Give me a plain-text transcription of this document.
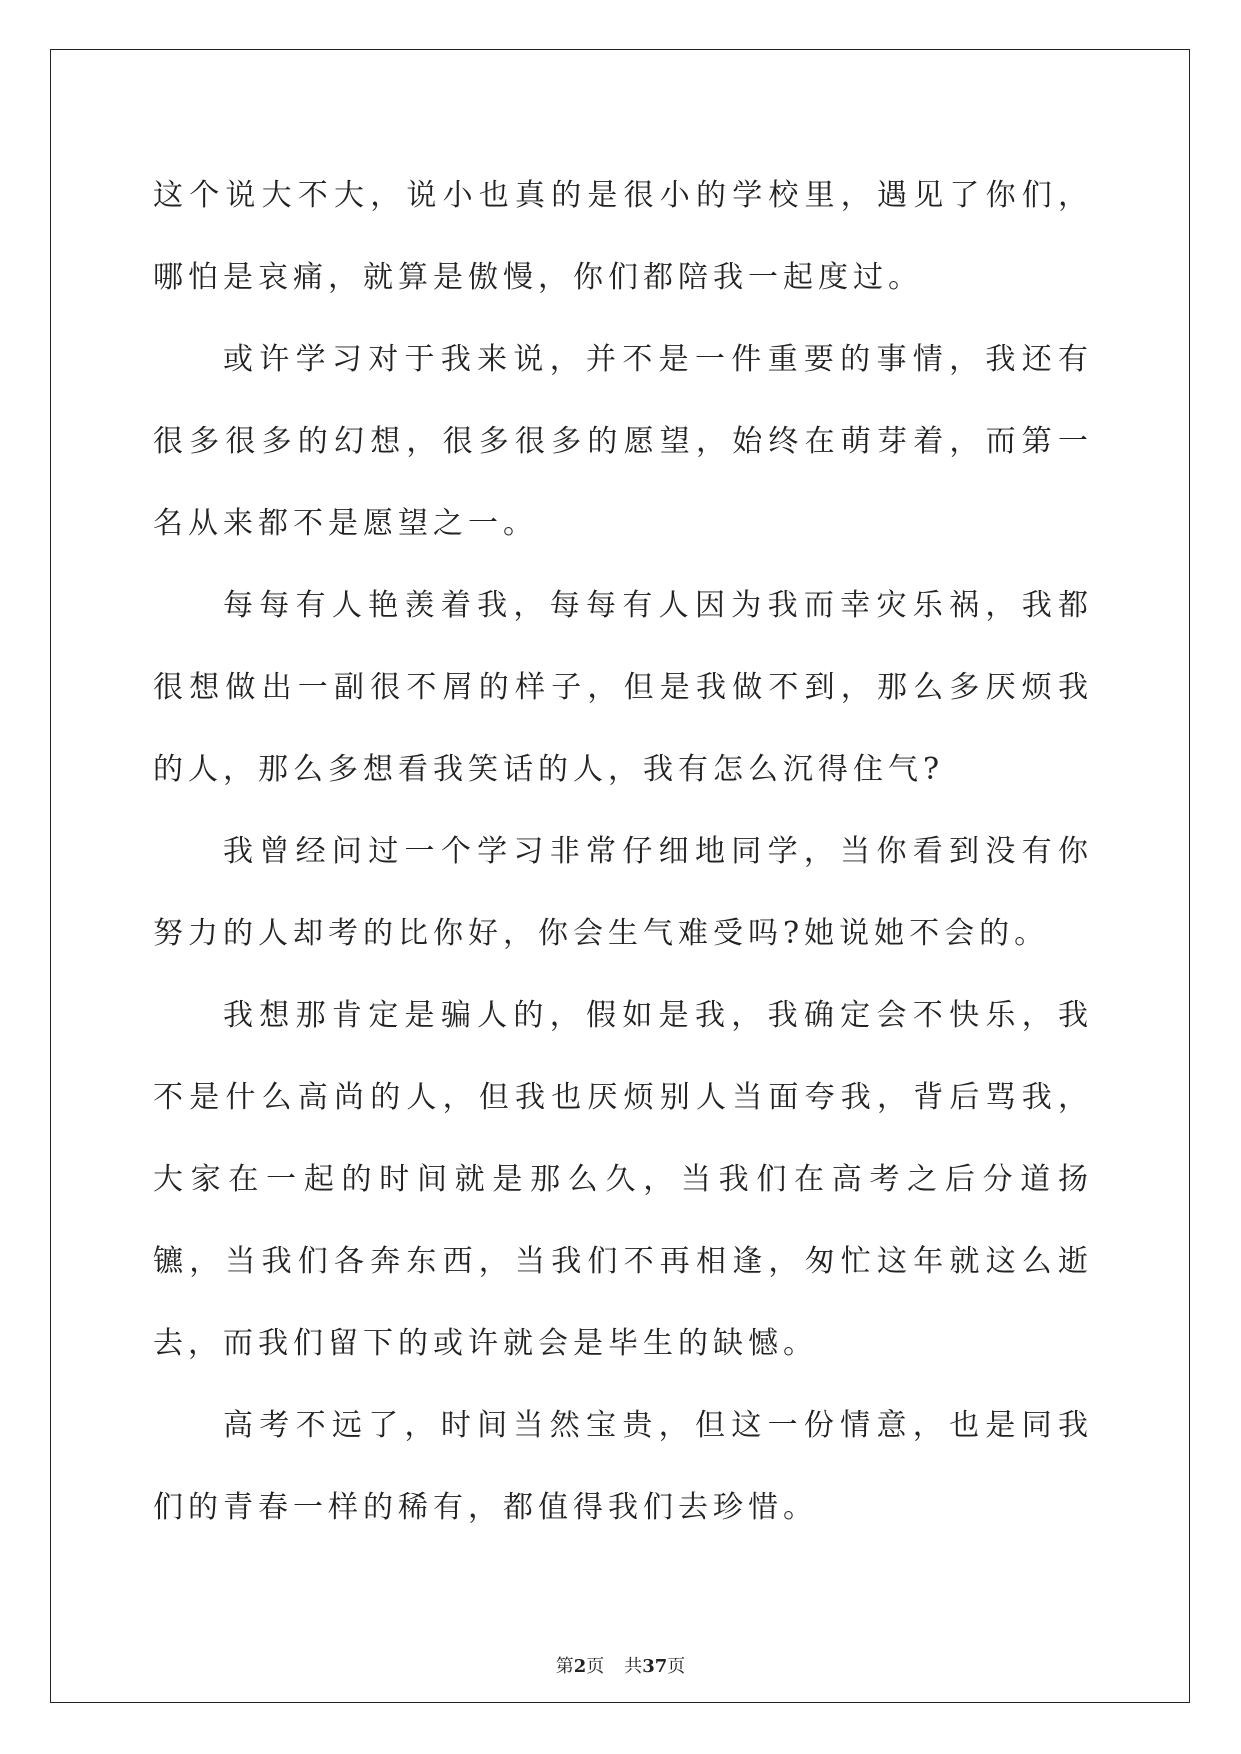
这个说大不大，说小也真的是很小的学校里，遇见了你们，哪怕是哀痛，就算是傲慢，你们都陪我一起度过。

或许学习对于我来说，并不是一件重要的事情，我还有很多很多的幻想，很多很多的愿望，始终在萌芽着，而第一名从来都不是愿望之一。

每每有人艳羡着我，每每有人因为我而幸灾乐祸，我都很想做出一副很不屑的样子，但是我做不到，那么多厌烦我的人，那么多想看我笑话的人，我有怎么沉得住气?

我曾经问过一个学习非常仔细地同学，当你看到没有你努力的人却考的比你好，你会生气难受吗?她说她不会的。

我想那肯定是骗人的，假如是我，我确定会不快乐，我不是什么高尚的人，但我也厌烦别人当面夸我，背后骂我，大家在一起的时间就是那么久，当我们在高考之后分道扬镳，当我们各奔东西，当我们不再相逢，匆忙这年就这么逝去，而我们留下的或许就会是毕生的缺憾。

高考不远了，时间当然宝贵，但这一份情意，也是同我们的青春一样的稀有，都值得我们去珍惜。

第2页 共37页
